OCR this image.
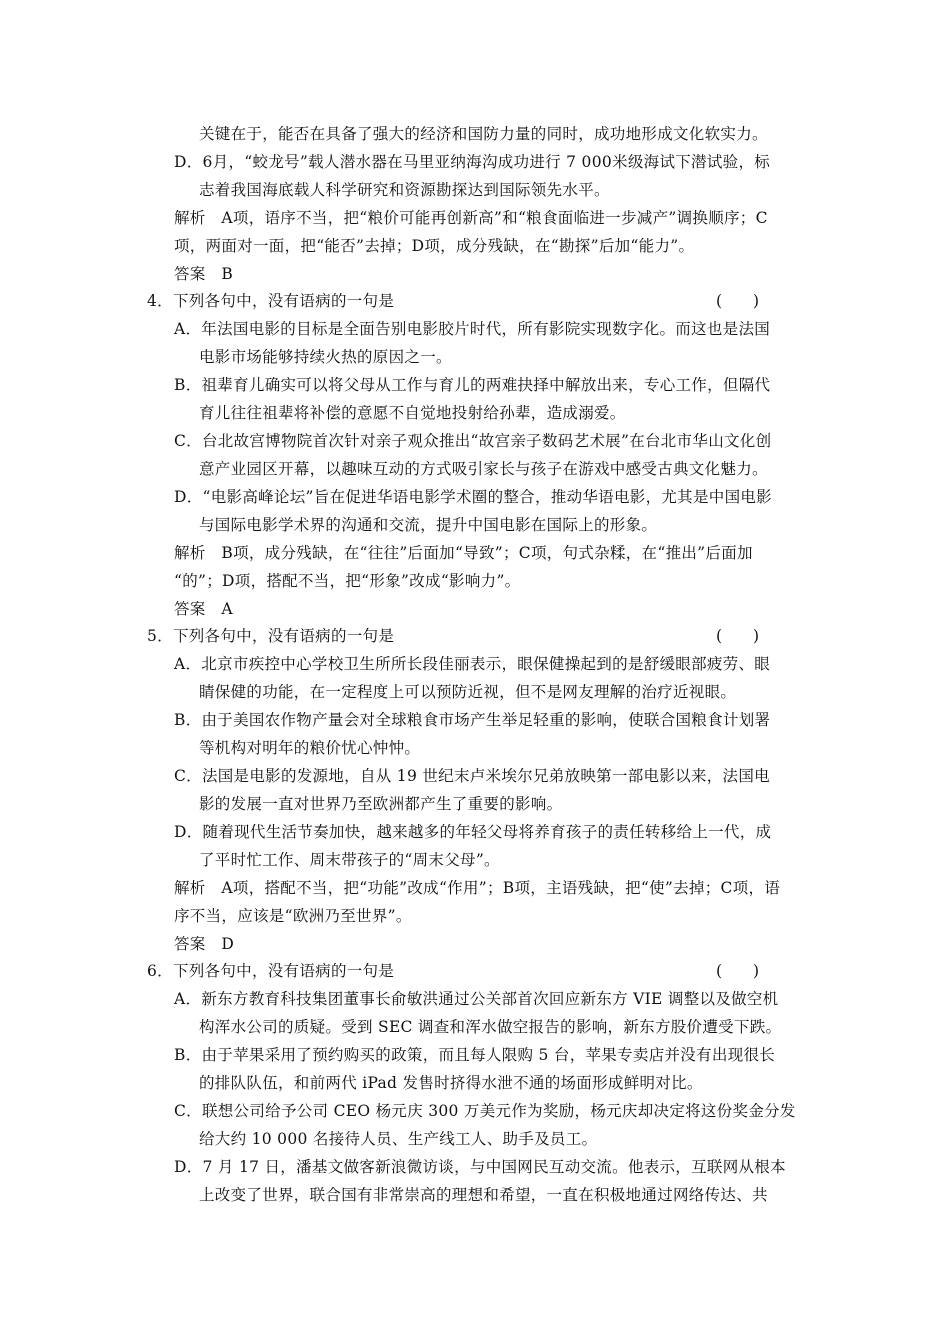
关键在于，能否在具备了强大的经济和国防力量的同时，成功地形成文化软实力。
D．6月，“蛟龙号”载人潜水器在马里亚纳海沟成功进行 7 000米级海试下潜试验，标
志着我国海底载人科学研究和资源勘探达到国际领先水平。
解析　A项，语序不当，把“粮价可能再创新高”和“粮食面临进一步减产”调换顺序；C
项，两面对一面，把“能否”去掉；D项，成分残缺，在“勘探”后加“能力”。
答案　B
4．下列各句中，没有语病的一句是	(　　)
A．年法国电影的目标是全面告别电影胶片时代，所有影院实现数字化。而这也是法国
电影市场能够持续火热的原因之一。
B．祖辈育儿确实可以将父母从工作与育儿的两难抉择中解放出来，专心工作，但隔代
育儿往往祖辈将补偿的意愿不自觉地投射给孙辈，造成溺爱。
C．台北故宫博物院首次针对亲子观众推出“故宫亲子数码艺术展”在台北市华山文化创
意产业园区开幕，以趣味互动的方式吸引家长与孩子在游戏中感受古典文化魅力。
D．“电影高峰论坛”旨在促进华语电影学术圈的整合，推动华语电影，尤其是中国电影
与国际电影学术界的沟通和交流，提升中国电影在国际上的形象。
解析　B项，成分残缺，在“往往”后面加“导致”；C项，句式杂糅，在“推出”后面加
“的”；D项，搭配不当，把“形象”改成“影响力”。
答案　A
5．下列各句中，没有语病的一句是	(　　)
A．北京市疾控中心学校卫生所所长段佳丽表示，眼保健操起到的是舒缓眼部疲劳、眼
睛保健的功能，在一定程度上可以预防近视，但不是网友理解的治疗近视眼。
B．由于美国农作物产量会对全球粮食市场产生举足轻重的影响，使联合国粮食计划署
等机构对明年的粮价忧心忡忡。
C．法国是电影的发源地，自从 19 世纪末卢米埃尔兄弟放映第一部电影以来，法国电
影的发展一直对世界乃至欧洲都产生了重要的影响。
D．随着现代生活节奏加快，越来越多的年轻父母将养育孩子的责任转移给上一代，成
了平时忙工作、周末带孩子的“周末父母”。
解析　A项，搭配不当，把“功能”改成“作用”；B项，主语残缺，把“使”去掉；C项，语
序不当，应该是“欧洲乃至世界”。
答案　D
6．下列各句中，没有语病的一句是	(　　)
A．新东方教育科技集团董事长俞敏洪通过公关部首次回应新东方 VIE 调整以及做空机
构浑水公司的质疑。受到 SEC 调查和浑水做空报告的影响，新东方股价遭受下跌。
B．由于苹果采用了预约购买的政策，而且每人限购 5 台，苹果专卖店并没有出现很长
的排队队伍，和前两代 iPad 发售时挤得水泄不通的场面形成鲜明对比。
C．联想公司给予公司 CEO 杨元庆 300 万美元作为奖励，杨元庆却决定将这份奖金分发
给大约 10 000 名接待人员、生产线工人、助手及员工。
D．7 月 17 日，潘基文做客新浪微访谈，与中国网民互动交流。他表示，互联网从根本
上改变了世界，联合国有非常崇高的理想和希望，一直在积极地通过网络传达、共
